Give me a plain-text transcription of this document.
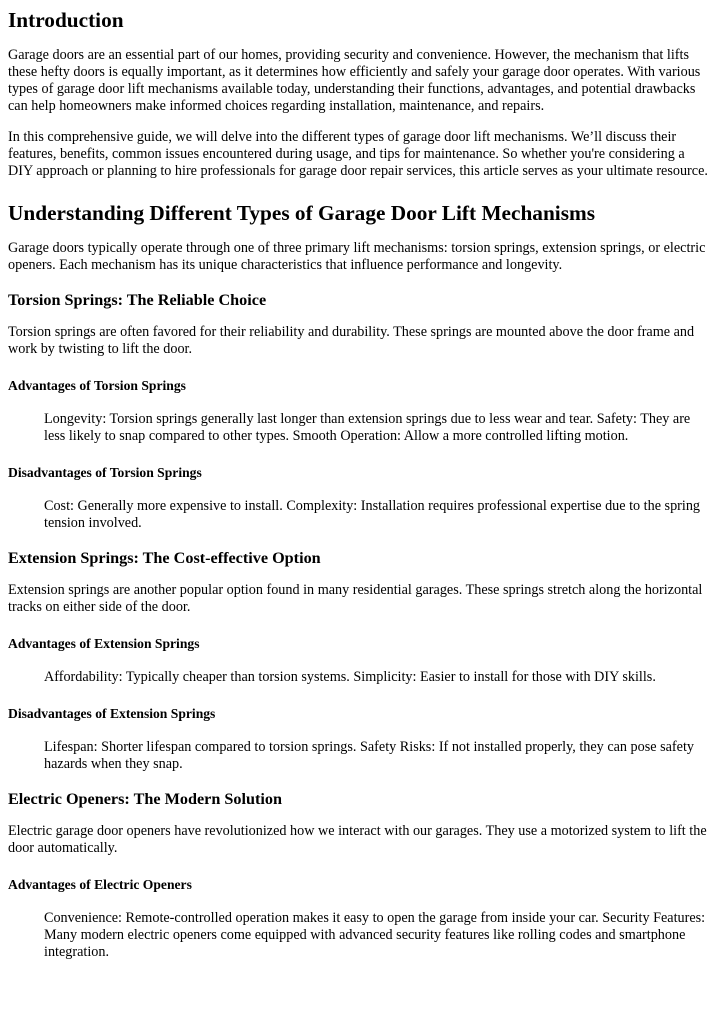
Introduction

Garage doors are an essential part of our homes, providing security and convenience. However, the mechanism that lifts these hefty doors is equally important, as it determines how efficiently and safely your garage door operates. With various types of garage door lift mechanisms available today, understanding their functions, advantages, and potential drawbacks can help homeowners make informed choices regarding installation, maintenance, and repairs.

In this comprehensive guide, we will delve into the different types of garage door lift mechanisms. We’ll discuss their features, benefits, common issues encountered during usage, and tips for maintenance. So whether you're considering a DIY approach or planning to hire professionals for garage door repair services, this article serves as your ultimate resource.

Understanding Different Types of Garage Door Lift Mechanisms

Garage doors typically operate through one of three primary lift mechanisms: torsion springs, extension springs, or electric openers. Each mechanism has its unique characteristics that influence performance and longevity.

Torsion Springs: The Reliable Choice

Torsion springs are often favored for their reliability and durability. These springs are mounted above the door frame and work by twisting to lift the door.

Advantages of Torsion Springs
Longevity: Torsion springs generally last longer than extension springs due to less wear and tear. Safety: They are less likely to snap compared to other types. Smooth Operation: Allow a more controlled lifting motion.
Disadvantages of Torsion Springs
Cost: Generally more expensive to install. Complexity: Installation requires professional expertise due to the spring tension involved.
Extension Springs: The Cost-effective Option

Extension springs are another popular option found in many residential garages. These springs stretch along the horizontal tracks on either side of the door.

Advantages of Extension Springs
Affordability: Typically cheaper than torsion systems. Simplicity: Easier to install for those with DIY skills.
Disadvantages of Extension Springs
Lifespan: Shorter lifespan compared to torsion springs. Safety Risks: If not installed properly, they can pose safety hazards when they snap.
Electric Openers: The Modern Solution

Electric garage door openers have revolutionized how we interact with our garages. They use a motorized system to lift the door automatically.

Advantages of Electric Openers
Convenience: Remote-controlled operation makes it easy to open the garage from inside your car. Security Features: Many modern electric openers come equipped with advanced security features like rolling codes and smartphone integration.
